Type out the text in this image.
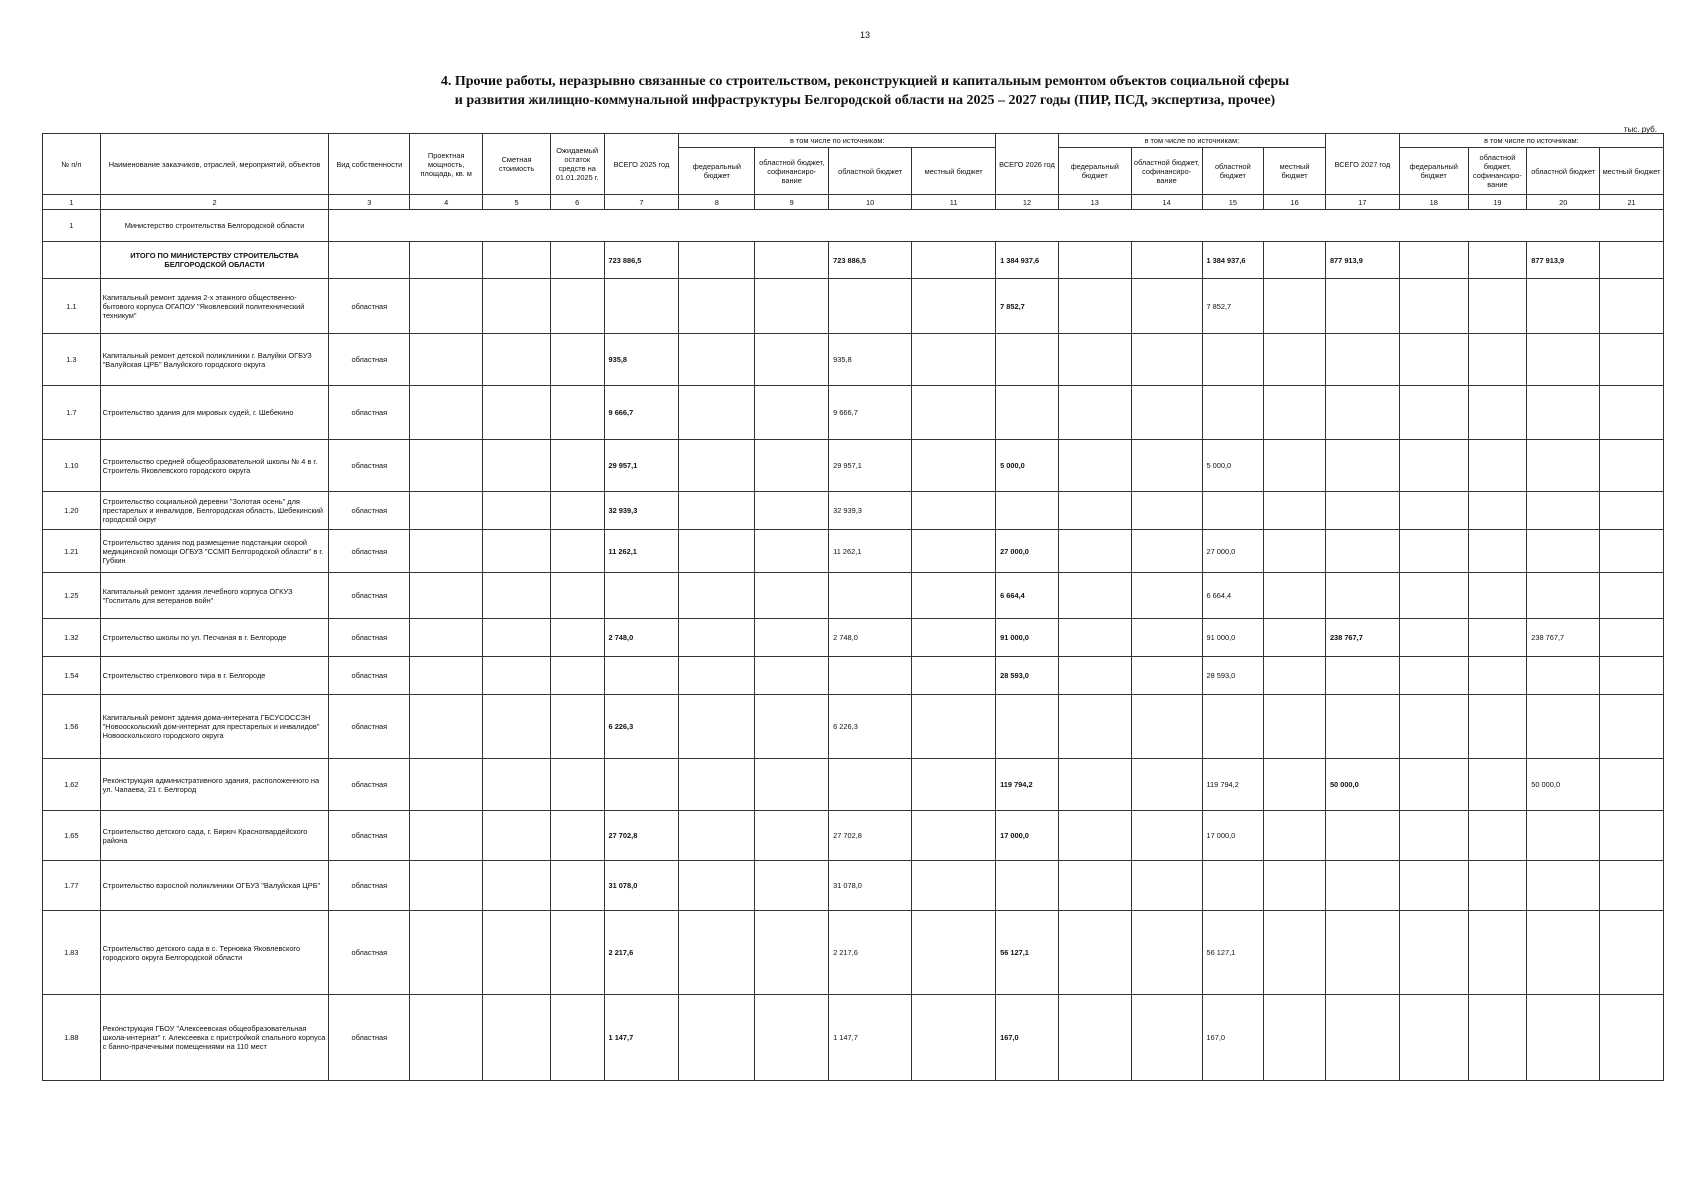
13
4. Прочие работы, неразрывно связанные со строительством, реконструкцией и капитальным ремонтом объектов социальной сферы
и развития жилищно-коммунальной инфраструктуры Белгородской области на 2025 – 2027 годы (ПИР, ПСД, экспертиза, прочее)
тыс. руб.
№ п/п	Наименование заказчиков, отраслей, мероприятий, объектов	Вид собственности	Проектная мощность, площадь, кв. м	Сметная стоимость	Ожидаемый остаток средств на 01.01.2025 г.	ВСЕГО 2025 год	в том числе по источникам:				ВСЕГО 2026 год	в том числе по источникам:				ВСЕГО 2027 год	в том числе по источникам:			
							федеральный бюджет	областной бюджет, софинансиро-вание	областной бюджет	местный бюджет		федеральный бюджет	областной бюджет, софинансиро-вание	областной бюджет	местный бюджет		федеральный бюджет	областной бюджет, софинансиро-вание	областной бюджет	местный бюджет
1	2	3	4	5	6	7	8	9	10	11	12	13	14	15	16	17	18	19	20	21
1	Министерство строительства Белгородской области																			
	ИТОГО ПО МИНИСТЕРСТВУ СТРОИТЕЛЬСТВА БЕЛГОРОДСКОЙ ОБЛАСТИ					723 886,5			723 886,5		1 384 937,6			1 384 937,6		877 913,9			877 913,9	
1.1	Капитальный ремонт здания 2-х этажного общественно-бытового корпуса ОГАПОУ "Яковлевский политехнический техникум"	областная									7 852,7			7 852,7						
1.3	Капитальный ремонт детской поликлиники г. Валуйки ОГБУЗ "Валуйская ЦРБ" Валуйского городского округа	областная				935,8			935,8											
1.7	Строительство здания для мировых судей, г. Шебекино	областная				9 666,7			9 666,7											
1.10	Строительство средней общеобразовательной школы № 4 в г. Строитель Яковлевского городского округа	областная				29 957,1			29 957,1		5 000,0			5 000,0						
1.20	Строительство социальной деревни "Золотая осень" для престарелых и инвалидов, Белгородская область, Шебекинский городской округ	областная				32 939,3			32 939,3											
1.21	Строительство здания под размещение подстанции скорой медицинской помощи ОГБУЗ "ССМП Белгородской области" в г. Губкин	областная				11 262,1			11 262,1		27 000,0			27 000,0						
1.25	Капитальный ремонт здания лечебного корпуса ОГКУЗ "Госпиталь для ветеранов войн"	областная									6 664,4			6 664,4						
1.32	Строительство школы по ул. Песчаная в г. Белгороде	областная				2 748,0			2 748,0		91 000,0			91 000,0		238 767,7			238 767,7	
1.54	Строительство стрелкового тира в г. Белгороде	областная									28 593,0			28 593,0						
1.56	Капитальный ремонт здания дома-интерната ГБСУСОССЗН "Новооскольский дом-интернат для престарелых и инвалидов" Новооскольского городского округа	областная				6 226,3			6 226,3											
1.62	Реконструкция административного здания, расположенного на ул. Чапаева, 21 г. Белгород	областная									119 794,2			119 794,2		50 000,0			50 000,0	
1.65	Строительство детского сада, г. Бирюч Красногвардейского района	областная				27 702,8			27 702,8		17 000,0			17 000,0						
1.77	Строительство взрослой поликлиники ОГБУЗ "Валуйская ЦРБ"	областная				31 078,0			31 078,0											
1.83	Строительство детского сада в с. Терновка Яковлевского городского округа Белгородской области	областная				2 217,6			2 217,6		56 127,1			56 127,1						
1.88	Реконструкция ГБОУ "Алексеевская общеобразовательная школа-интернат" г. Алексеевка с пристройкой спального корпуса с банно-прачечными помещениями на 110 мест	областная				1 147,7			1 147,7		167,0			167,0						
